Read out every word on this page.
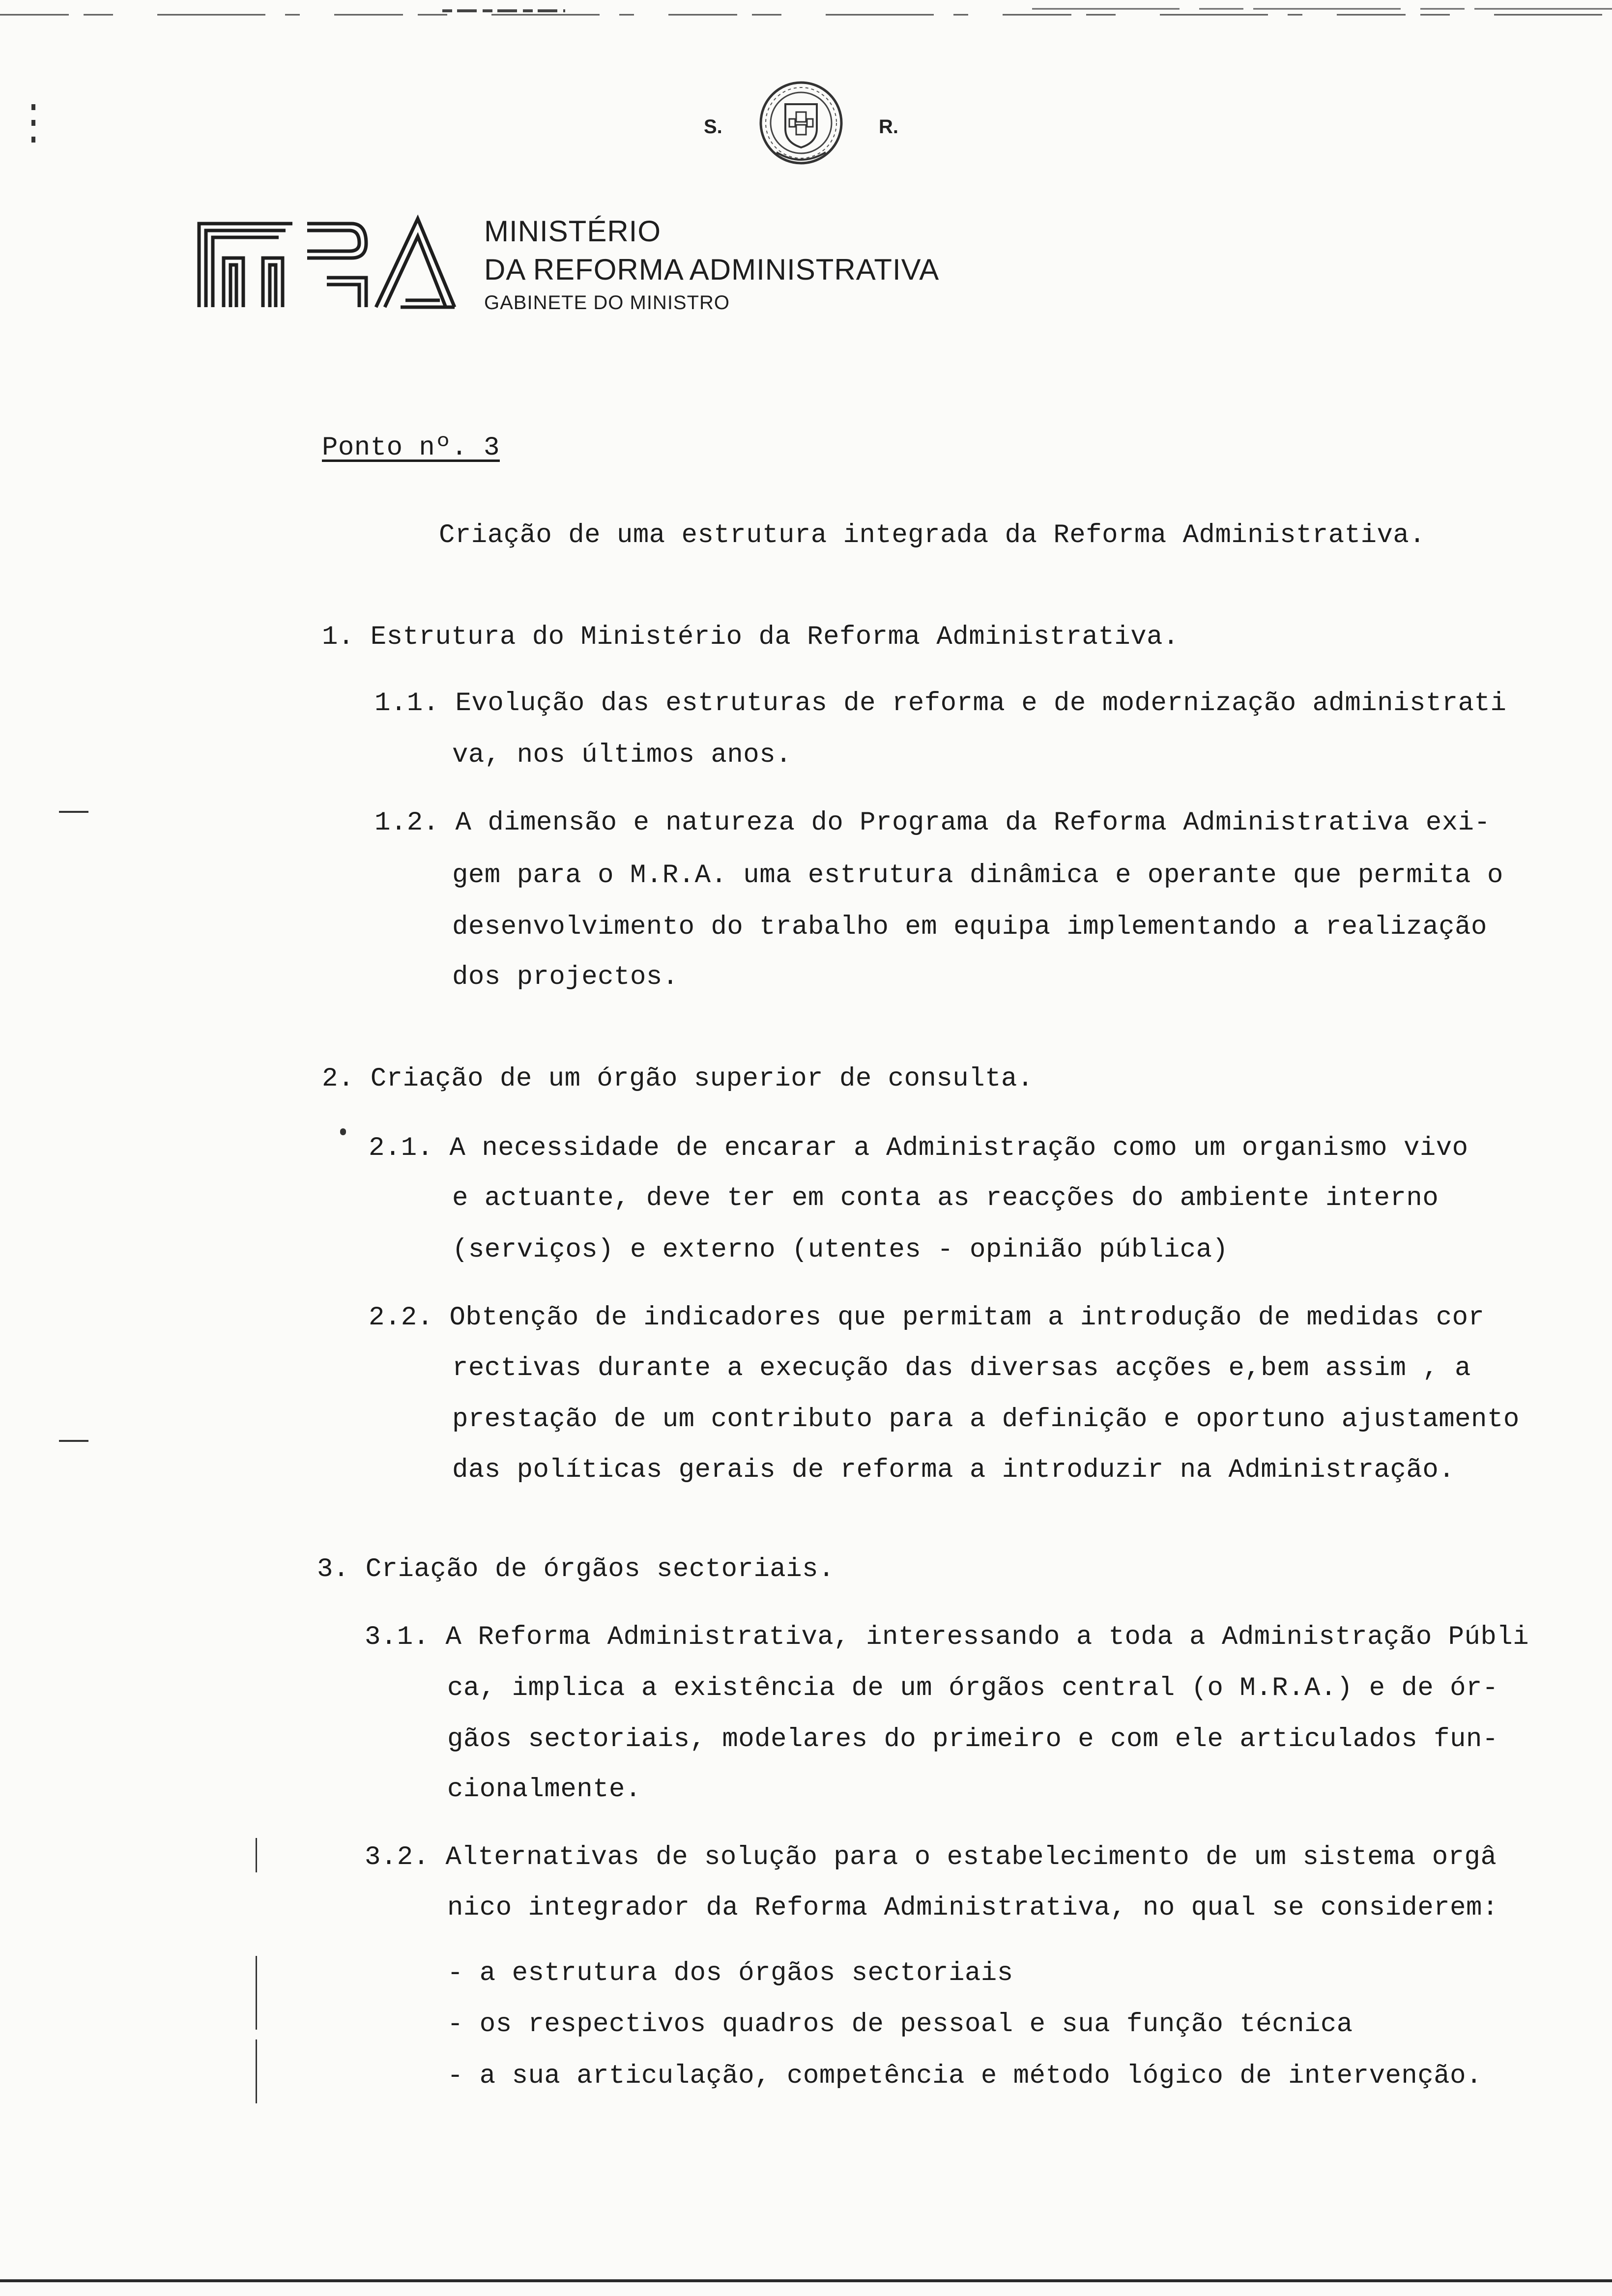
S.	R.
MINISTÉRIO
DA REFORMA ADMINISTRATIVA
GABINETE DO MINISTRO
Ponto nº. 3
Criação de uma estrutura integrada da Reforma Administrativa.
1. Estrutura do Ministério da Reforma Administrativa.
1.1. Evolução das estruturas de reforma e de modernização administrati
va, nos últimos anos.
1.2. A dimensão e natureza do Programa da Reforma Administrativa exi-
gem para o M.R.A. uma estrutura dinâmica e operante que permita o
desenvolvimento do trabalho em equipa implementando a realização
dos projectos.
2. Criação de um órgão superior de consulta.
2.1. A necessidade de encarar a Administração como um organismo vivo
e actuante, deve ter em conta as reacções do ambiente interno
(serviços) e externo (utentes - opinião pública)
2.2. Obtenção de indicadores que permitam a introdução de medidas cor
rectivas durante a execução das diversas acções e,bem assim , a
prestação de um contributo para a definição e oportuno ajustamento
das políticas gerais de reforma a introduzir na Administração.
3. Criação de órgãos sectoriais.
3.1. A Reforma Administrativa, interessando a toda a Administração Públi
ca, implica a existência de um órgãos central (o M.R.A.) e de ór-
gãos sectoriais, modelares do primeiro e com ele articulados fun-
cionalmente.
3.2. Alternativas de solução para o estabelecimento de um sistema orgâ
nico integrador da Reforma Administrativa, no qual se considerem:
- a estrutura dos órgãos sectoriais
- os respectivos quadros de pessoal e sua função técnica
- a sua articulação, competência e método lógico de intervenção.
